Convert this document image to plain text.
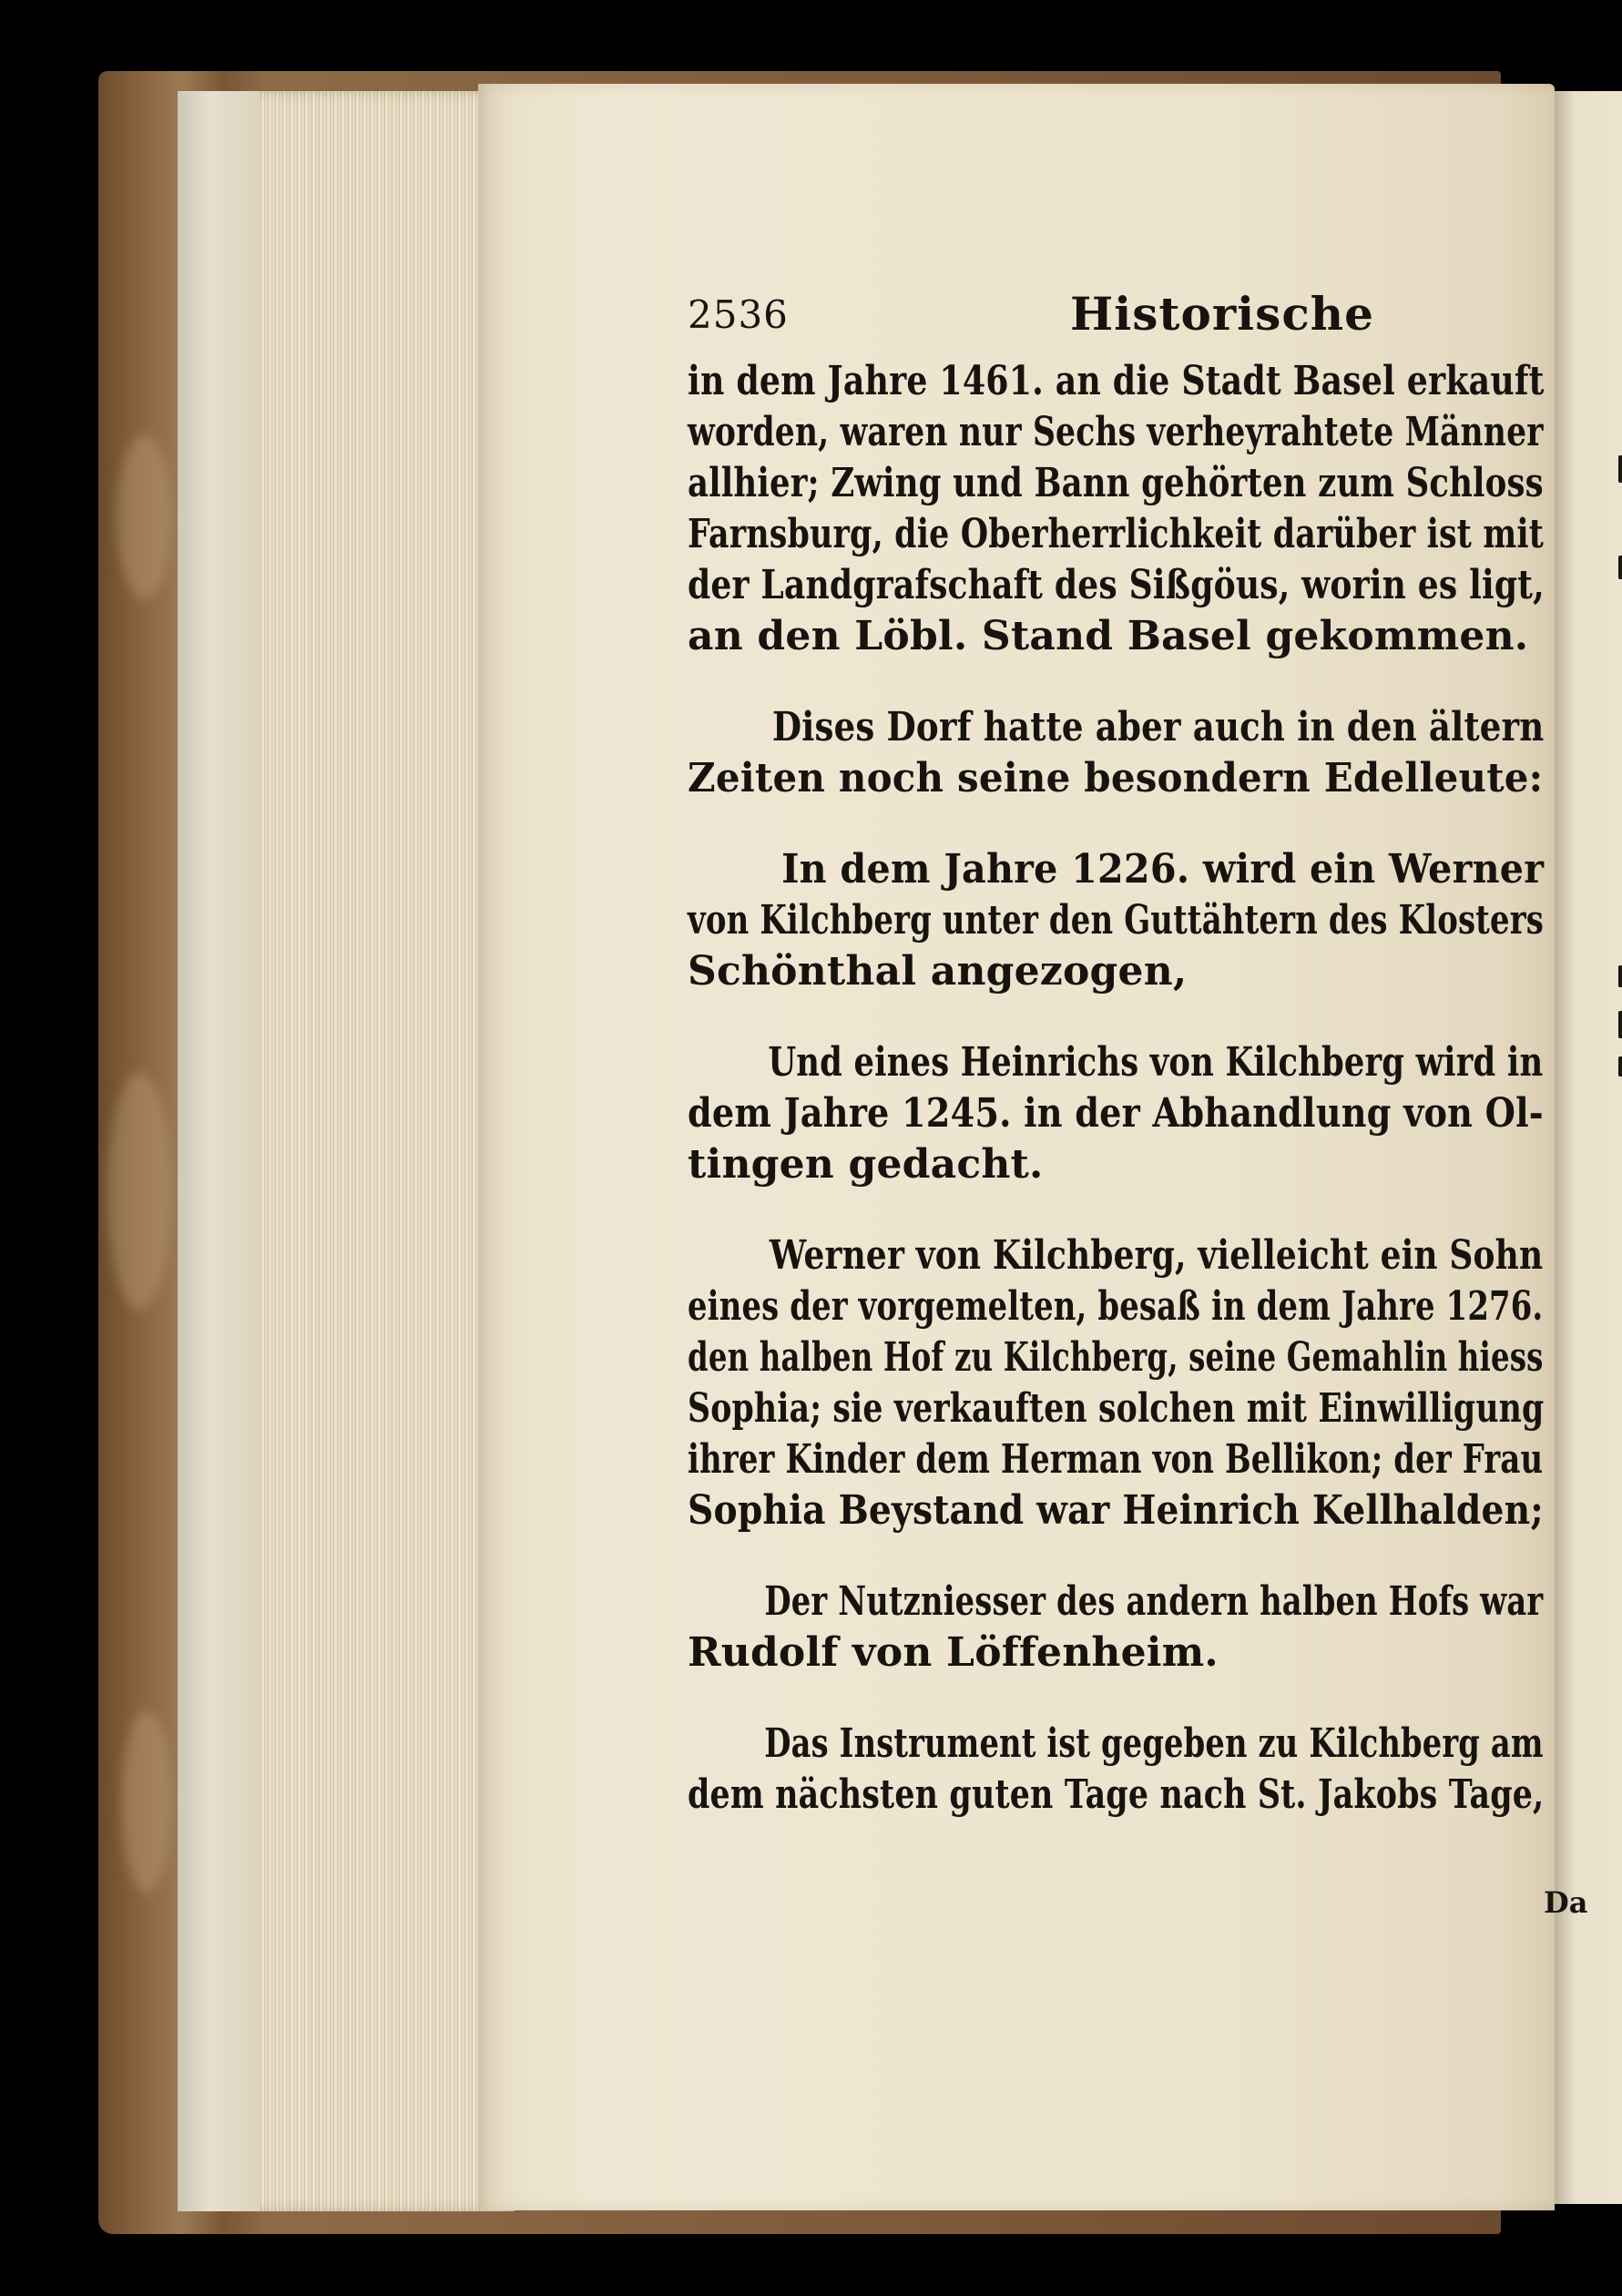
2536	Historische
in dem Jahre 1461. an die Stadt Basel erkauft
worden, waren nur Sechs verheyrahtete Männer
allhier; Zwing und Bann gehörten zum Schloss
Farnsburg, die Oberherrlichkeit darüber ist mit
der Landgrafschaft des Sißgöus, worin es ligt,
an den Löbl. Stand Basel gekommen.
Dises Dorf hatte aber auch in den ältern
Zeiten noch seine besondern Edelleute:
In dem Jahre 1226. wird ein Werner
von Kilchberg unter den Guttähtern des Klosters
Schönthal angezogen,
Und eines Heinrichs von Kilchberg wird in
dem Jahre 1245. in der Abhandlung von Ol-
tingen gedacht.
Werner von Kilchberg, vielleicht ein Sohn
eines der vorgemelten, besaß in dem Jahre 1276.
den halben Hof zu Kilchberg, seine Gemahlin hiess
Sophia; sie verkauften solchen mit Einwilligung
ihrer Kinder dem Herman von Bellikon; der Frau
Sophia Beystand war Heinrich Kellhalden;
Der Nutzniesser des andern halben Hofs war
Rudolf von Löffenheim.
Das Instrument ist gegeben zu Kilchberg am
dem nächsten guten Tage nach St. Jakobs Tage,
Da
